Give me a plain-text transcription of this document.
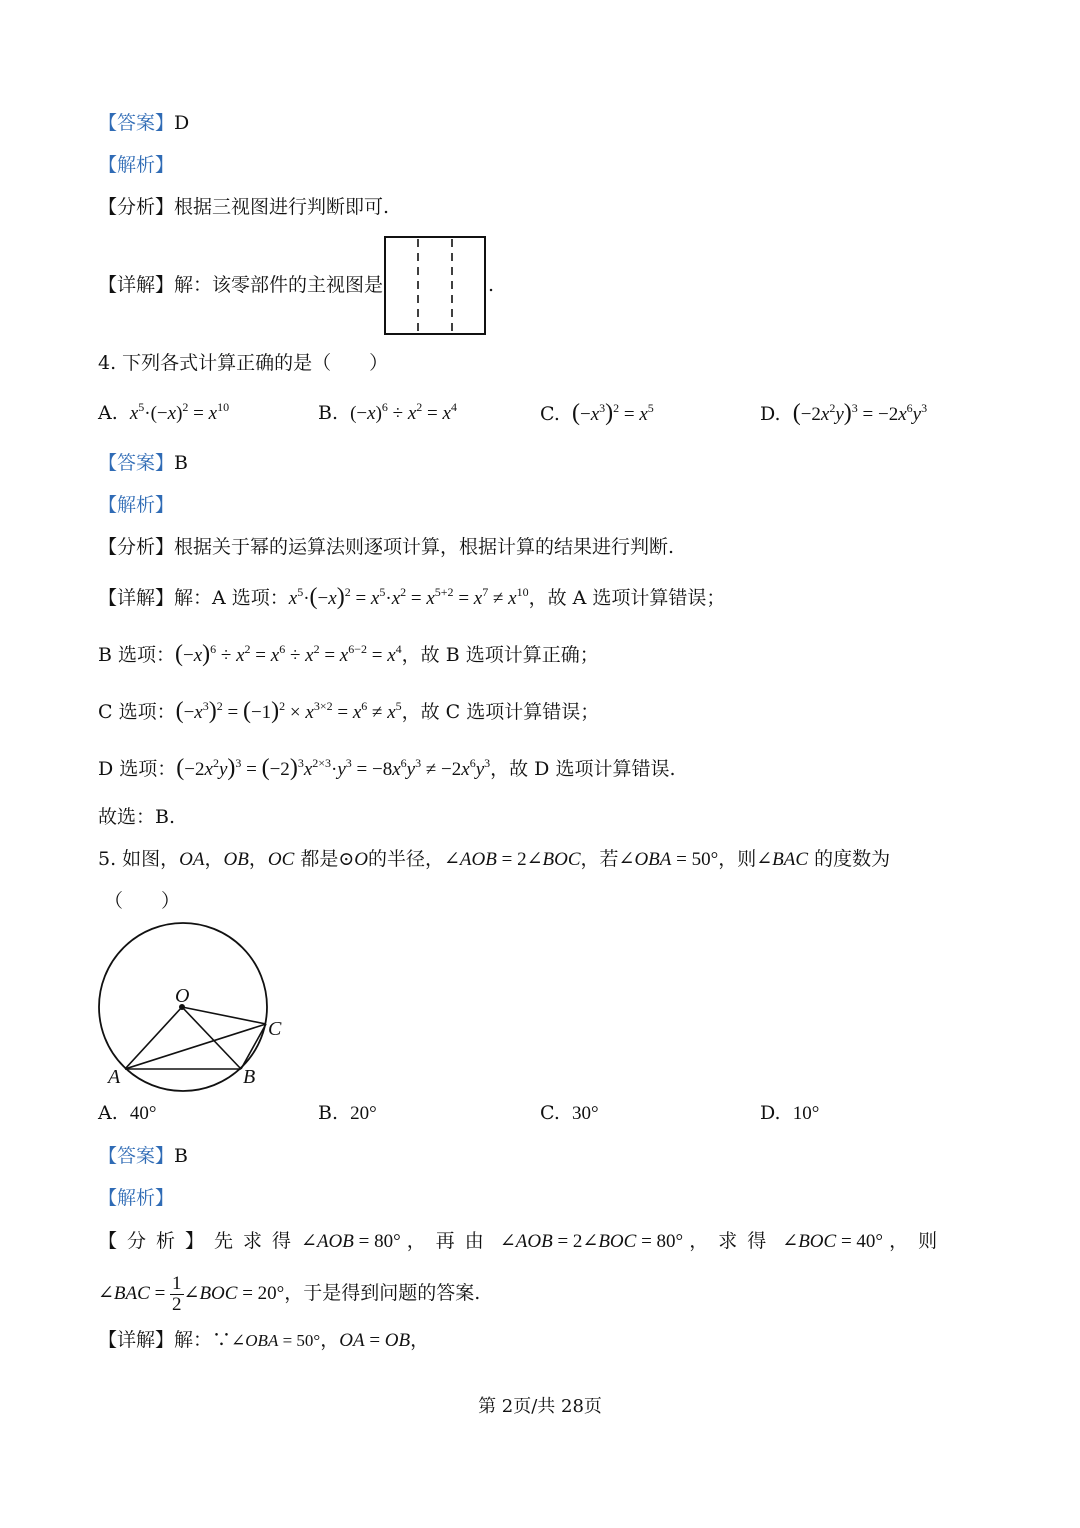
【答案】D
【解析】
【分析】根据三视图进行判断即可.
【详解】解：该零部件的主视图是	.
4. 下列各式计算正确的是（　　）
A.  $x^5\cdot(-x)^2 = x^{10}$	B.  $(-x)^6 \div x^2 = x^4$	C.  $(-x^3)^2 = x^5$	D.  $(-2x^2y)^3 = -2x^6y^3$
【答案】B
【解析】
【分析】根据关于幂的运算法则逐项计算，根据计算的结果进行判断.
【详解】解：A 选项：$x^5\cdot(-x)^2 = x^5\cdot x^2 = x^{5+2} = x^7 \ne x^{10}$，故 A 选项计算错误；
B 选项：$(-x)^6 \div x^2 = x^6 \div x^2 = x^{6-2} = x^4$，故 B 选项计算正确；
C 选项：$(-x^3)^2 = (-1)^2 \times x^{3\times 2} = x^6 \ne x^5$，故 C 选项计算错误；
D 选项：$(-2x^2y)^3 = (-2)^3x^{2\times 3}\cdot y^3 = -8x^6y^3 \ne -2x^6y^3$，故 D 选项计算错误.
故选：B.
5. 如图，OA，OB，OC 都是⊙O的半径，∠AOB = 2∠BOC，若∠OBA = 50°，则∠BAC 的度数为
（　　）
O
C
A	B
A. 40°	B. 20°	C. 30°	D. 10°
【答案】B
【解析】
【分析】先求得∠AOB = 80° ，再由 ∠AOB = 2∠BOC = 80° ，求得 ∠BOC = 40° ，则
∠BAC = $\frac{1}{2}$ ∠BOC = 20°，于是得到问题的答案.
【详解】解：∵∠OBA = 50°，OA = OB，
第 2页/共 28页
